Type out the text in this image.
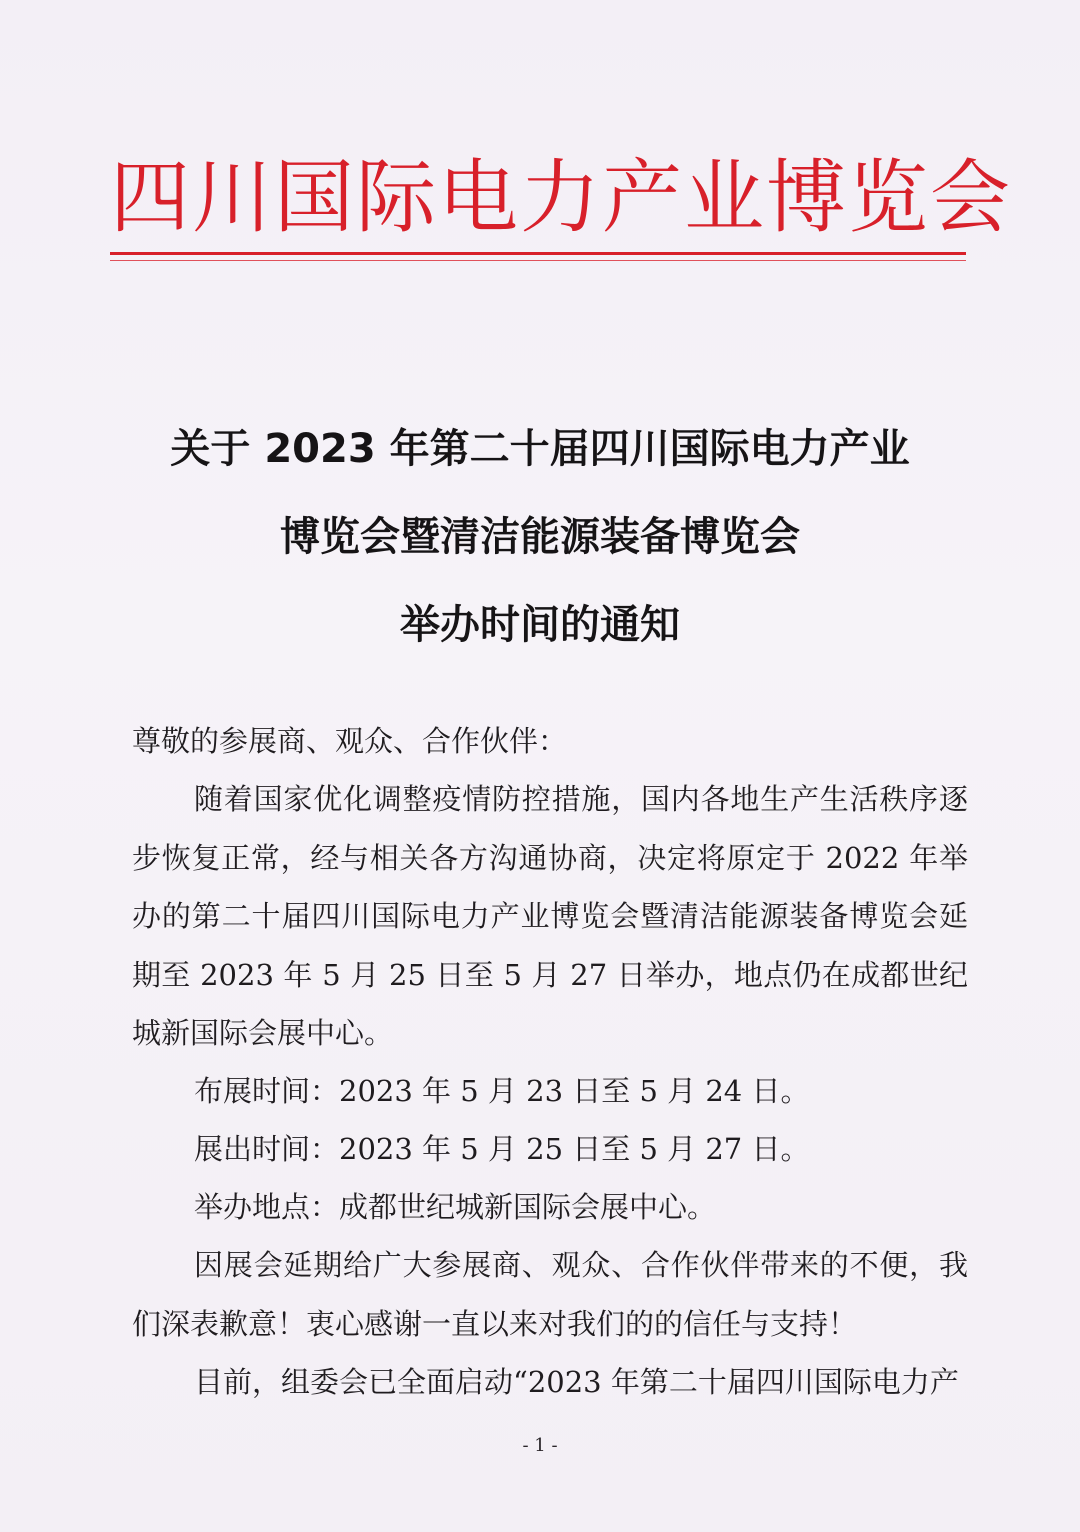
四川国际电力产业博览会
关于 2023 年第二十届四川国际电力产业
博览会暨清洁能源装备博览会
举办时间的通知

尊敬的参展商、观众、合作伙伴：

随着国家优化调整疫情防控措施，国内各地生产生活秩序逐步恢复正常，经与相关各方沟通协商，决定将原定于 2022 年举办的第二十届四川国际电力产业博览会暨清洁能源装备博览会延期至 2023 年 5 月 25 日至 5 月 27 日举办，地点仍在成都世纪城新国际会展中心。

布展时间：2023 年 5 月 23 日至 5 月 24 日。

展出时间：2023 年 5 月 25 日至 5 月 27 日。

举办地点：成都世纪城新国际会展中心。

因展会延期给广大参展商、观众、合作伙伴带来的不便，我们深表歉意！衷心感谢一直以来对我们的的信任与支持！

目前，组委会已全面启动“2023 年第二十届四川国际电力产

- 1 -
